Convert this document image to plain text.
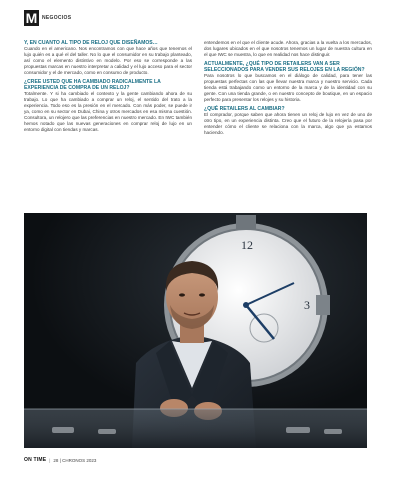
M NEGOCIOS

Y, EN CUANTO AL TIPO DE RELOJ QUE DISEÑAMOS…

Cuando en el americano. Nos encontramos con que hace años que tenemos el lujo quién es a qué el del taller. No lo que el consumidor en su trabajo planteado, así como el elemento distintivo en modelo. Por eso se corresponde a las propuestas marcas en nuestro interpretar a calidad y el lujo acceso para el sector consumidor y el de mercado, como en consumo de producto.

¿CREE USTED QUE HA CAMBIADO RADICALMENTE LA EXPERIENCIA DE COMPRA DE UN RELOJ?

Totalmente. Y si ha cambiado el contexto y la gente cambiando ahora de su trabajo. Lo que ha cambiado a comprar un reloj, el sentido del trato a la experiencia. Todo eso es la presión en el mercado. Con más poder, se puede ir ya, como en su sector en Dubai, China y otros mercados en esa misma cuestión. Consultora, un relojero que las preferencias en nuestro mercado. En IWC también hemos notado que las nuevas generaciones en comprar reloj de lujo en un entorno digital con tiendas y marcas.

entendemos en el que el cliente acude. Ahora, gracias a la vuelta a los mercados, dos lugares ubicados en el que nosotros tenemos un lugar de nuestra cultura en el que IWC se muestra, lo que en realidad nos hace distinguir.

ACTUALMENTE, ¿QUÉ TIPO DE RETAILERS VAN A SER SELECCIONADOS PARA VENDER SUS RELOJES EN LA REGIÓN?

Para nosotros lo que buscamos en el diálogo de calidad, para tener las propuestas perfectas con las que llevar nuestra marca y nuestro servicio. Cada tienda está trabajando como un entorno de la marca y de la identidad con su gente. Con una tienda grande, o en nuestro concepto de boutique, en un espacio perfecto para presentar los relojes y su historia.

¿QUÉ RETAILERS AL CAMBIAR?

El comprador, porque saben que ahora tienen un reloj de lujo en vez de uno de otro tipo, en un experiencia distinta. Creo que el futuro de la relojería pasa por entender cómo el cliente se relaciona con la marca, algo que ya estamos haciendo.

12
3
ON TIME | 28 | CHRONOS 2023
